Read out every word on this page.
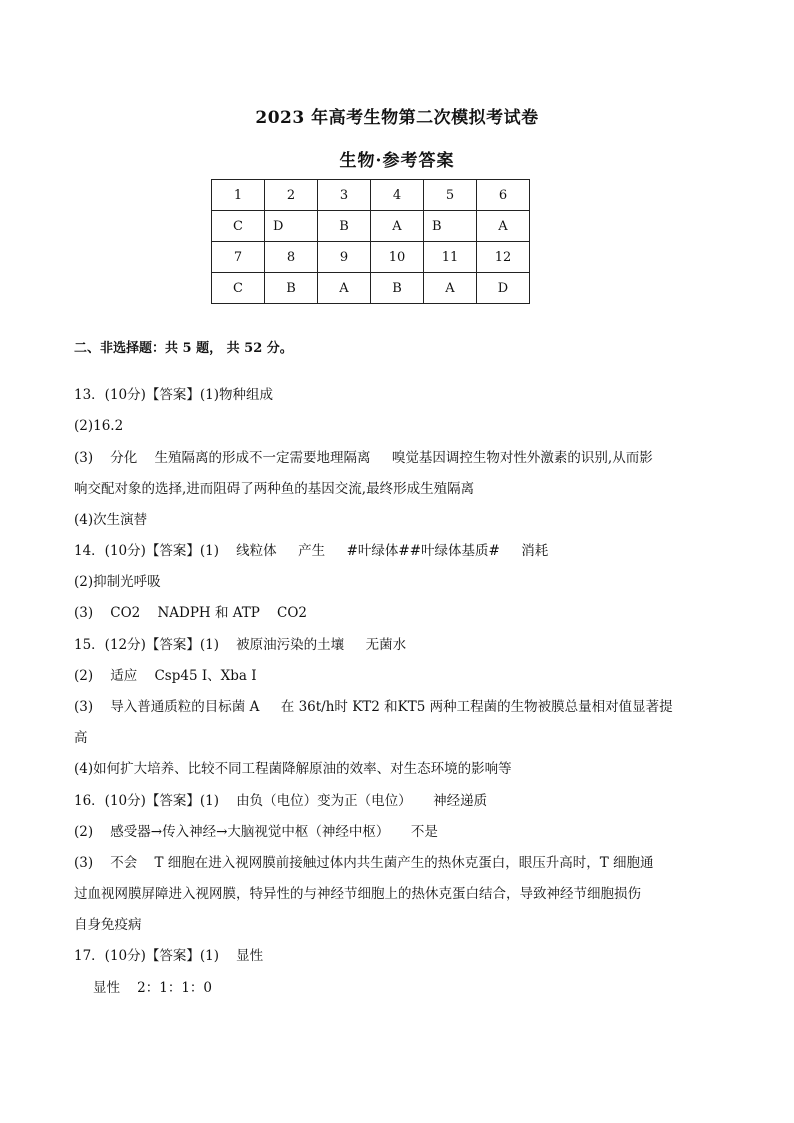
2023 年高考生物第二次模拟考试卷
生物·参考答案
1	2	3	4	5	6
C	D	B	A	B	A
7	8	9	10	11	12
C	B	A	B	A	D
二、非选择题：共 5 题， 共 52 分。
13．(10分)【答案】(1)物种组成
(2)16.2
(3)    分化    生殖隔离的形成不一定需要地理隔离     嗅觉基因调控生物对性外激素的识别,从而影
响交配对象的选择,进而阻碍了两种鱼的基因交流,最终形成生殖隔离
(4)次生演替
14．(10分)【答案】(1)    线粒体     产生     #叶绿体##叶绿体基质#     消耗
(2)抑制光呼吸
(3)    CO2    NADPH 和 ATP    CO2
15．(12分)【答案】(1)    被原油污染的土壤     无菌水
(2)    适应    Csp45 I、Xba I
(3)    导入普通质粒的目标菌 A     在 36t/h时 KT2 和KT5 两种工程菌的生物被膜总量相对值显著提
高
(4)如何扩大培养、比较不同工程菌降解原油的效率、对生态环境的影响等
16．(10分)【答案】(1)    由负（电位）变为正（电位）     神经递质
(2)    感受器→传入神经→大脑视觉中枢（神经中枢）     不是
(3)    不会    T 细胞在进入视网膜前接触过体内共生菌产生的热休克蛋白，眼压升高时，T 细胞通
过血视网膜屏障进入视网膜，特异性的与神经节细胞上的热休克蛋白结合，导致神经节细胞损伤
自身免疫病
17．(10分)【答案】(1)    显性
显性    2：1：1：0
